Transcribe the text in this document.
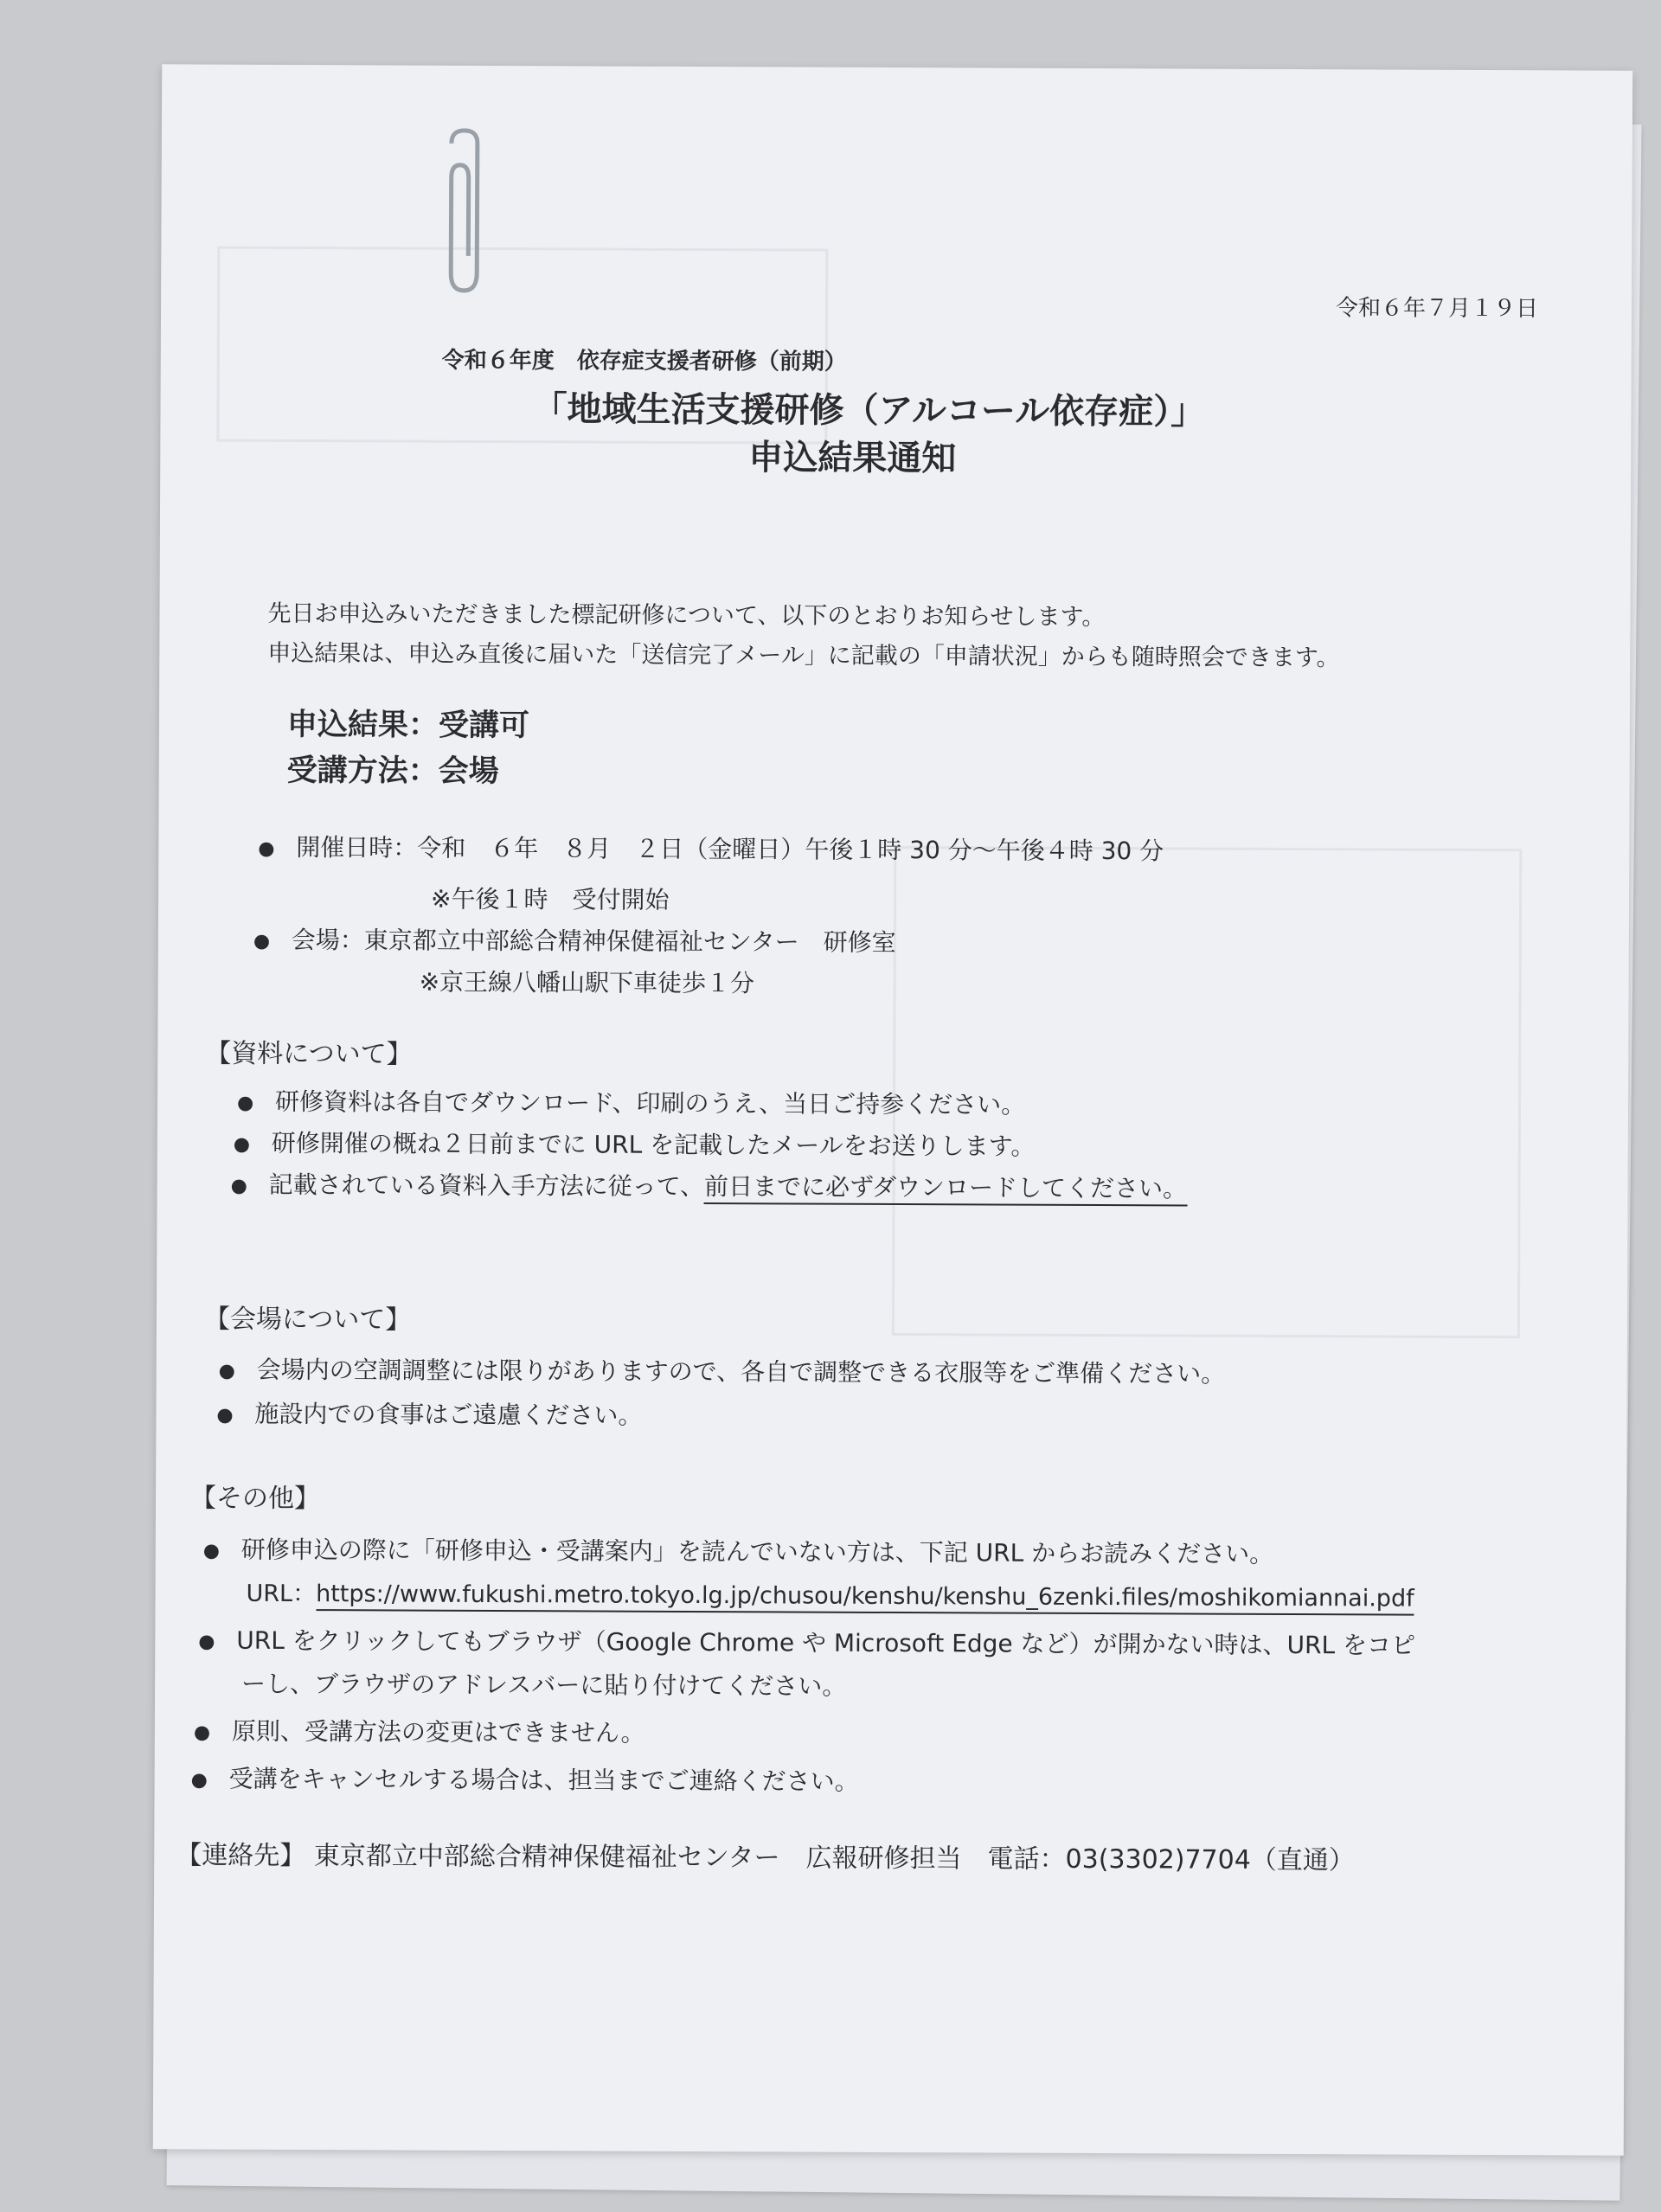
令和６年７月１９日
令和６年度　依存症支援者研修（前期）
「地域生活支援研修（アルコール依存症）」
申込結果通知
先日お申込みいただきました標記研修について、以下のとおりお知らせします。
申込結果は、申込み直後に届いた「送信完了メール」に記載の「申請状況」からも随時照会できます。
申込結果：受講可
受講方法：会場
● 開催日時：令和　６年　８月　２日（金曜日）午後１時 30 分～午後４時 30 分
※午後１時　受付開始
● 会場：東京都立中部総合精神保健福祉センター　研修室
※京王線八幡山駅下車徒歩１分
【資料について】
● 研修資料は各自でダウンロード、印刷のうえ、当日ご持参ください。
● 研修開催の概ね２日前までに URL を記載したメールをお送りします。
● 記載されている資料入手方法に従って、前日までに必ずダウンロードしてください。
【会場について】
● 会場内の空調調整には限りがありますので、各自で調整できる衣服等をご準備ください。
● 施設内での食事はご遠慮ください。
【その他】
● 研修申込の際に「研修申込・受講案内」を読んでいない方は、下記 URL からお読みください。
URL：https://www.fukushi.metro.tokyo.lg.jp/chusou/kenshu/kenshu_6zenki.files/moshikomiannai.pdf
● URL をクリックしてもブラウザ（Google Chrome や Microsoft Edge など）が開かない時は、URL をコピ
ーし、ブラウザのアドレスバーに貼り付けてください。
● 原則、受講方法の変更はできません。
● 受講をキャンセルする場合は、担当までご連絡ください。
【連絡先】 東京都立中部総合精神保健福祉センター　広報研修担当　電話：03(3302)7704（直通）
